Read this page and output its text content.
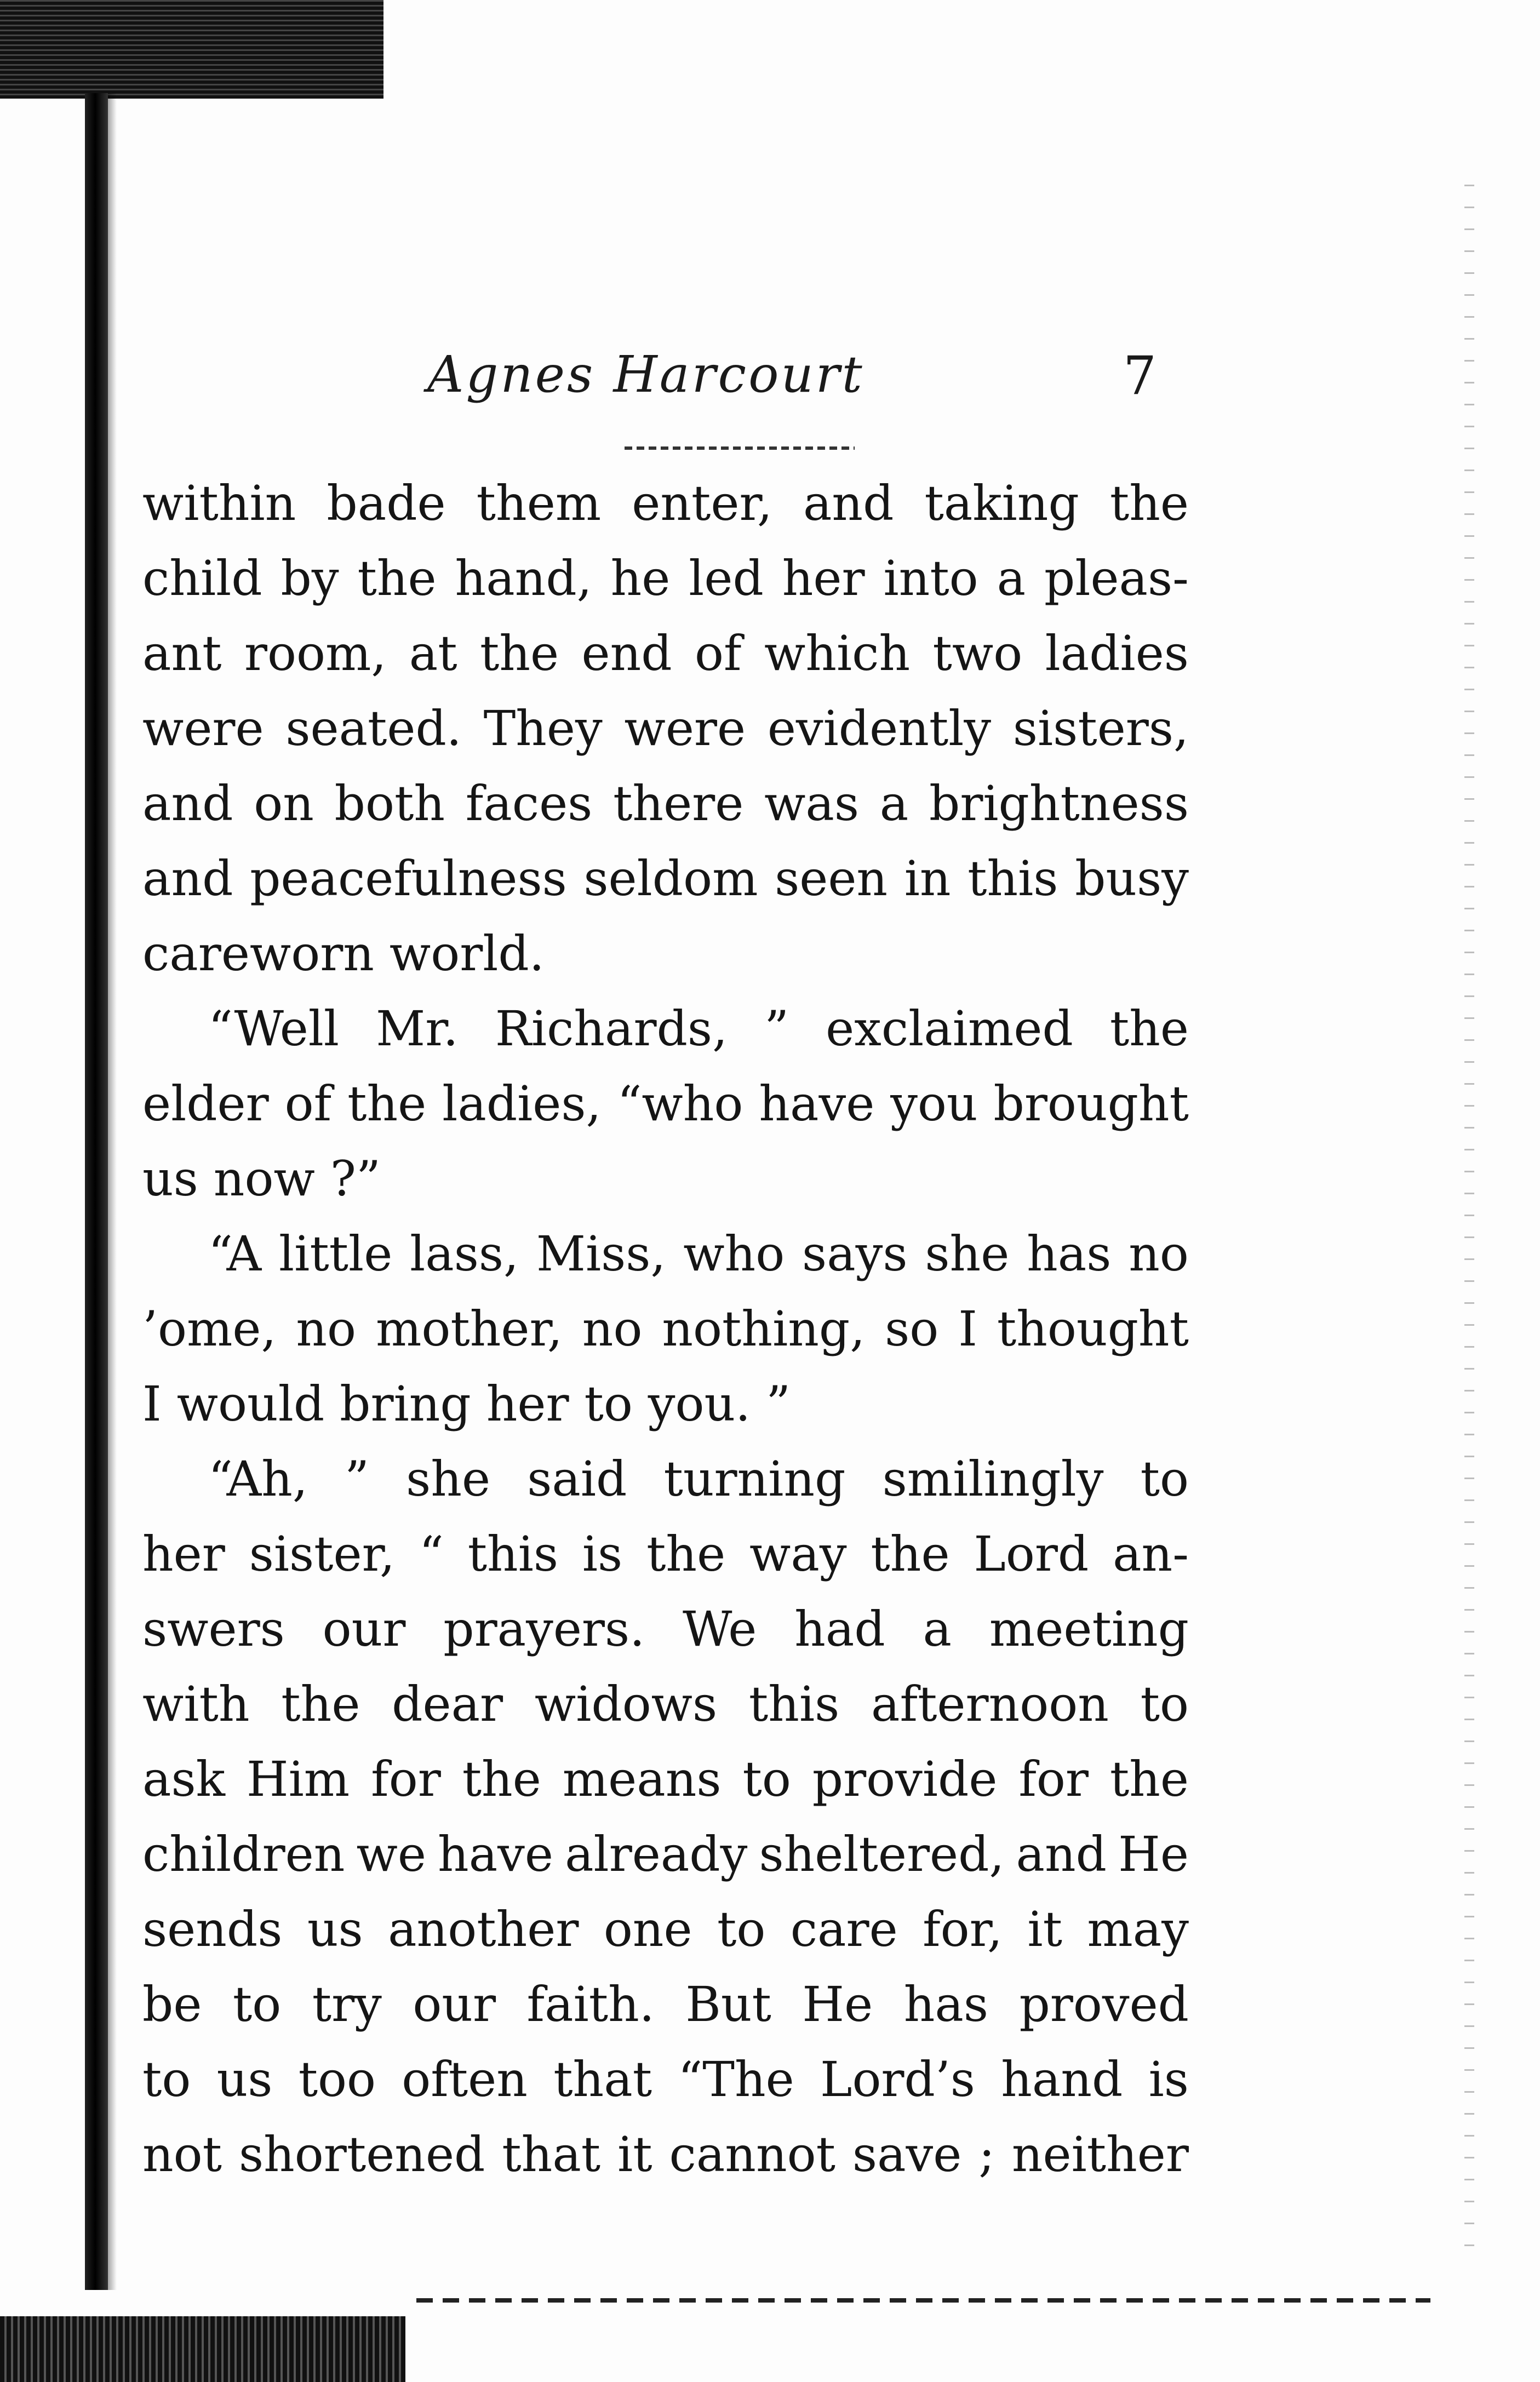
Agnes Harcourt	7
within bade them enter, and taking the
child by the hand, he led her into a pleas-
ant room, at the end of which two ladies
were seated. They were evidently sisters,
and on both faces there was a brightness
and peacefulness seldom seen in this busy
careworn world.
“Well Mr. Richards, ” exclaimed the
elder of the ladies, “who have you brought
us now ?”
“A little lass, Miss, who says she has no
’ome, no mother, no nothing, so I thought
I would bring her to you. ”
“Ah, ” she said turning smilingly to
her sister, “ this is the way the Lord an-
swers our prayers. We had a meeting
with the dear widows this afternoon to
ask Him for the means to provide for the
children we have already sheltered, and He
sends us another one to care for, it may
be to try our faith. But He has proved
to us too often that “The Lord’s hand is
not shortened that it cannot save ; neither
